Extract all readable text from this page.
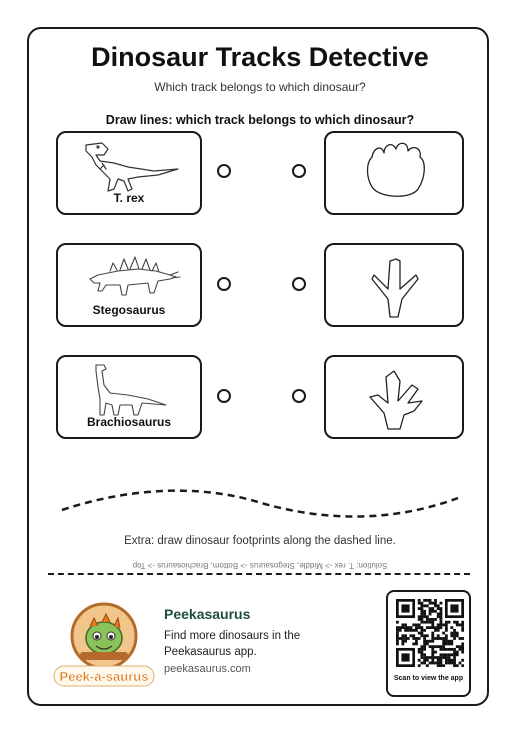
Dinosaur Tracks Detective
Which track belongs to which dinosaur?
Draw lines: which track belongs to which dinosaur?
T. rex
Stegosaurus
Brachiosaurus
Extra: draw dinosaur footprints along the dashed line.
Solution: T. rex -> Middle, Stegosaurus -> Bottom, Brachiosaurus -> Top
Peek-a-saurus
Peekasaurus
Find more dinosaurs in the Peekasaurus app.
peekasaurus.com
Scan to view the app
